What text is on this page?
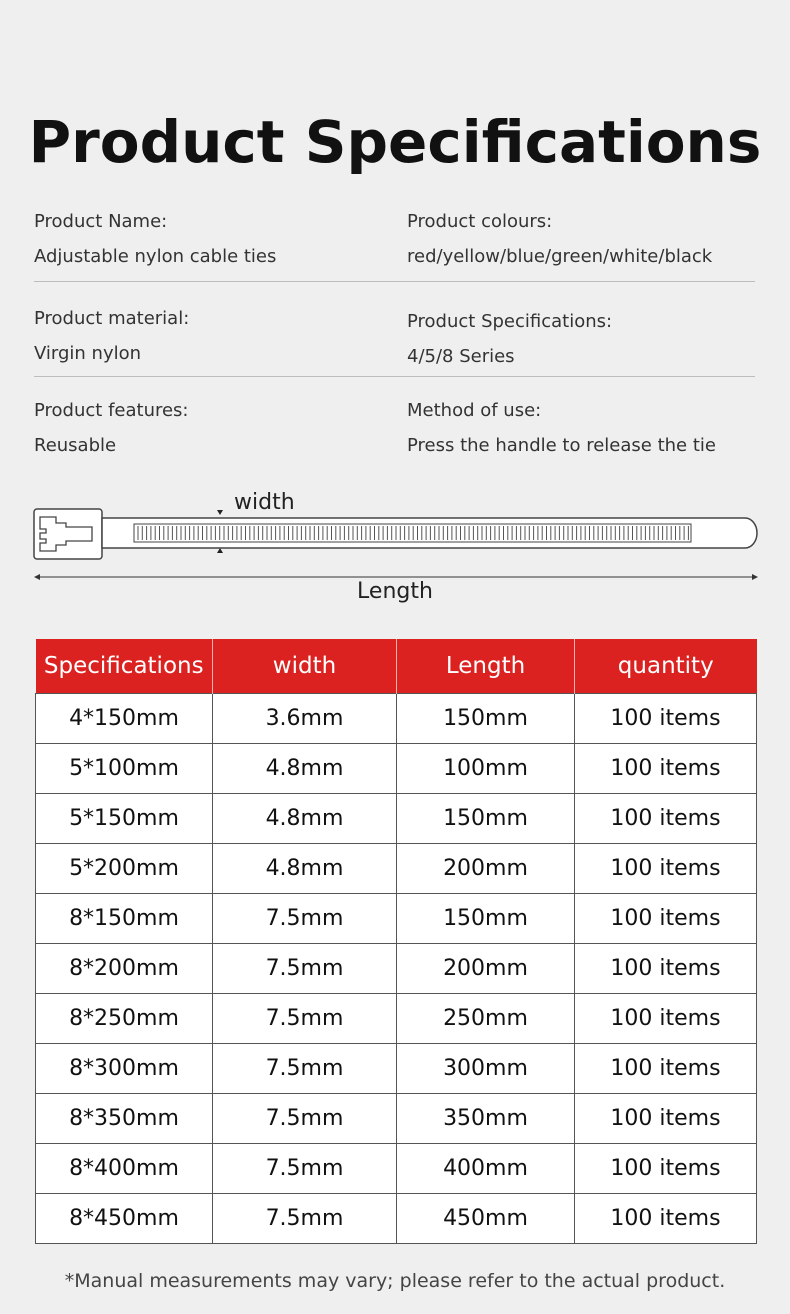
Product Specifications
Product Name:
Adjustable nylon cable ties
Product colours:
red/yellow/blue/green/white/black
Product material:
Virgin nylon
Product Specifications:
4/5/8 Series
Product features:
Reusable
Method of use:
Press the handle to release the tie
width
Length
Specifications	width	Length	quantity
4*150mm	3.6mm	150mm	100 items
5*100mm	4.8mm	100mm	100 items
5*150mm	4.8mm	150mm	100 items
5*200mm	4.8mm	200mm	100 items
8*150mm	7.5mm	150mm	100 items
8*200mm	7.5mm	200mm	100 items
8*250mm	7.5mm	250mm	100 items
8*300mm	7.5mm	300mm	100 items
8*350mm	7.5mm	350mm	100 items
8*400mm	7.5mm	400mm	100 items
8*450mm	7.5mm	450mm	100 items
*Manual measurements may vary; please refer to the actual product.
